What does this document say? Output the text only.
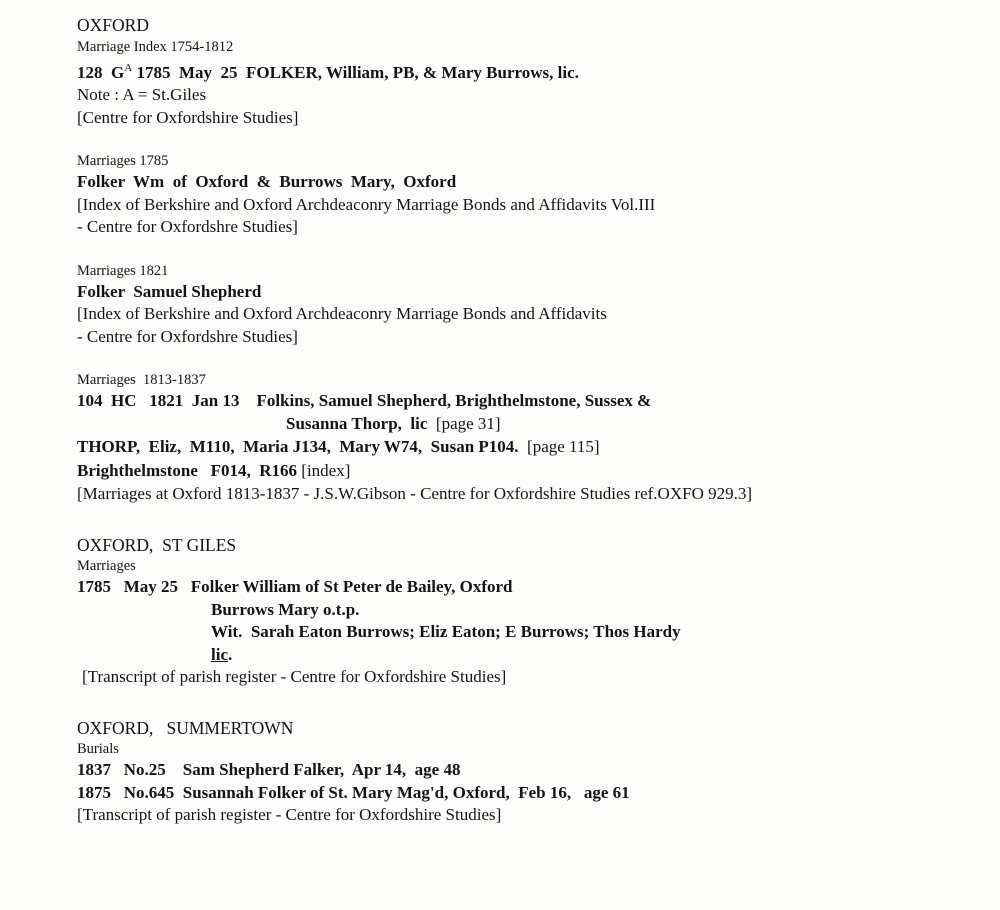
OXFORD
Marriage Index 1754-1812
128  $G^A$ 1785  May  25  FOLKER, William, PB, & Mary Burrows, lic.
Note : A = St.Giles
[Centre for Oxfordshire Studies]
Marriages 1785
Folker  Wm  of  Oxford  &  Burrows  Mary,  Oxford
[Index of Berkshire and Oxford Archdeaconry Marriage Bonds and Affidavits Vol.III
- Centre for Oxfordshre Studies]
Marriages 1821
Folker  Samuel Shepherd
[Index of Berkshire and Oxford Archdeaconry Marriage Bonds and Affidavits
- Centre for Oxfordshre Studies]
Marriages  1813-1837
104  HC   1821  Jan 13    Folkins, Samuel Shepherd, Brighthelmstone, Sussex &
Susanna Thorp,  lic  [page 31]
THORP,  Eliz,  M110,  Maria J134,  Mary W74,  Susan P104.  [page 115]
Brighthelmstone   F014,  R166 [index]
[Marriages at Oxford 1813-1837 - J.S.W.Gibson - Centre for Oxfordshire Studies ref.OXFO 929.3]
OXFORD,  ST GILES
Marriages
1785   May 25   Folker William of St Peter de Bailey, Oxford
Burrows Mary o.t.p.
Wit.  Sarah Eaton Burrows; Eliz Eaton; E Burrows; Thos Hardy
lic.
[Transcript of parish register - Centre for Oxfordshire Studies]
OXFORD,   SUMMERTOWN
Burials
1837   No.25    Sam Shepherd Falker,  Apr 14,  age 48
1875   No.645  Susannah Folker of St. Mary Mag'd, Oxford,  Feb 16,   age 61
[Transcript of parish register - Centre for Oxfordshire Studies]
